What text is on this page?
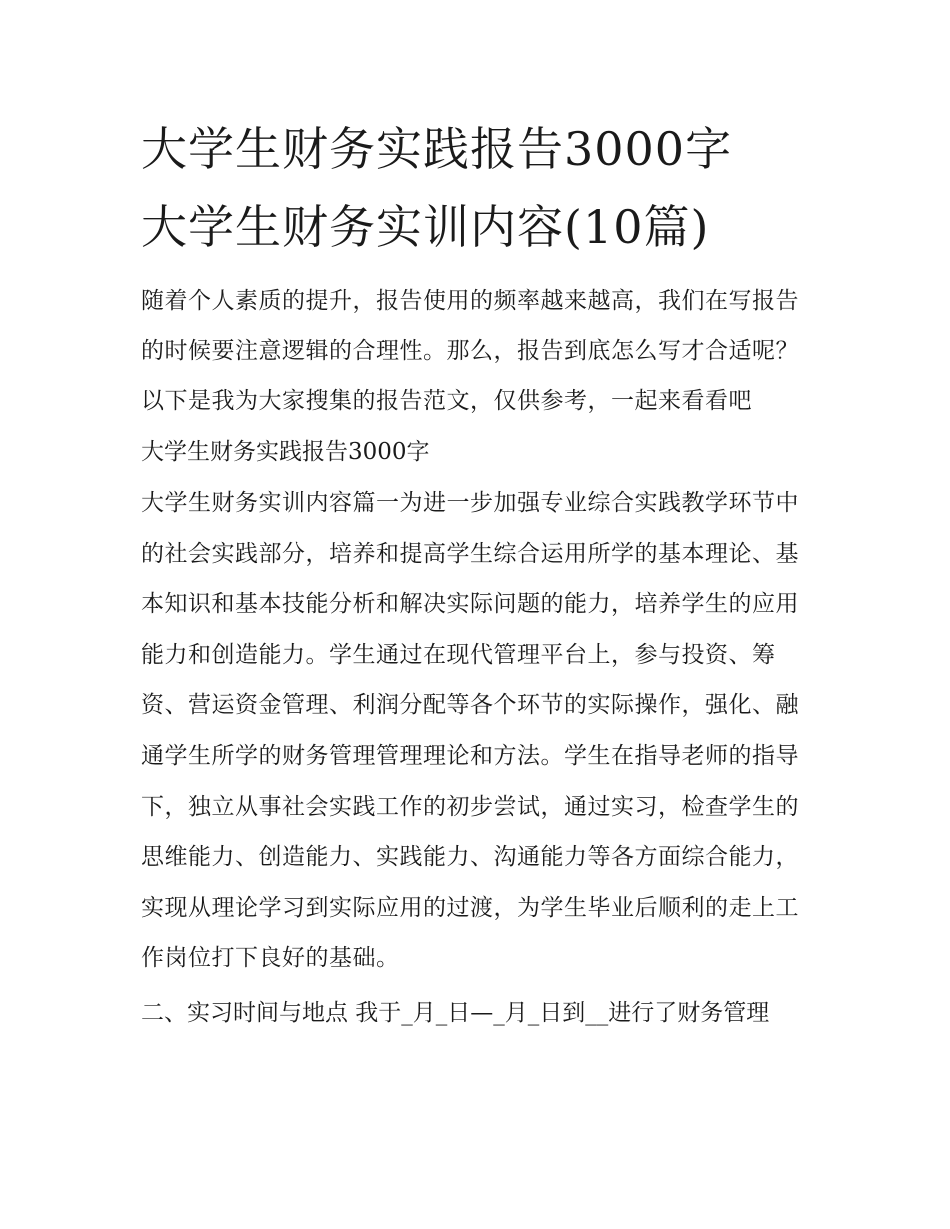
大学生财务实践报告3000字
大学生财务实训内容(10篇)

随着个人素质的提升，报告使用的频率越来越高，我们在写报告的时候要注意逻辑的合理性。那么，报告到底怎么写才合适呢？以下是我为大家搜集的报告范文，仅供参考，一起来看看吧

大学生财务实践报告3000字

大学生财务实训内容篇一为进一步加强专业综合实践教学环节中的社会实践部分，培养和提高学生综合运用所学的基本理论、基本知识和基本技能分析和解决实际问题的能力，培养学生的应用能力和创造能力。学生通过在现代管理平台上，参与投资、筹资、营运资金管理、利润分配等各个环节的实际操作，强化、融通学生所学的财务管理管理理论和方法。学生在指导老师的指导下，独立从事社会实践工作的初步尝试，通过实习，检查学生的思维能力、创造能力、实践能力、沟通能力等各方面综合能力，实现从理论学习到实际应用的过渡，为学生毕业后顺利的走上工作岗位打下良好的基础。

二、实习时间与地点 我于_月_日—_月_日到__进行了财务管理
